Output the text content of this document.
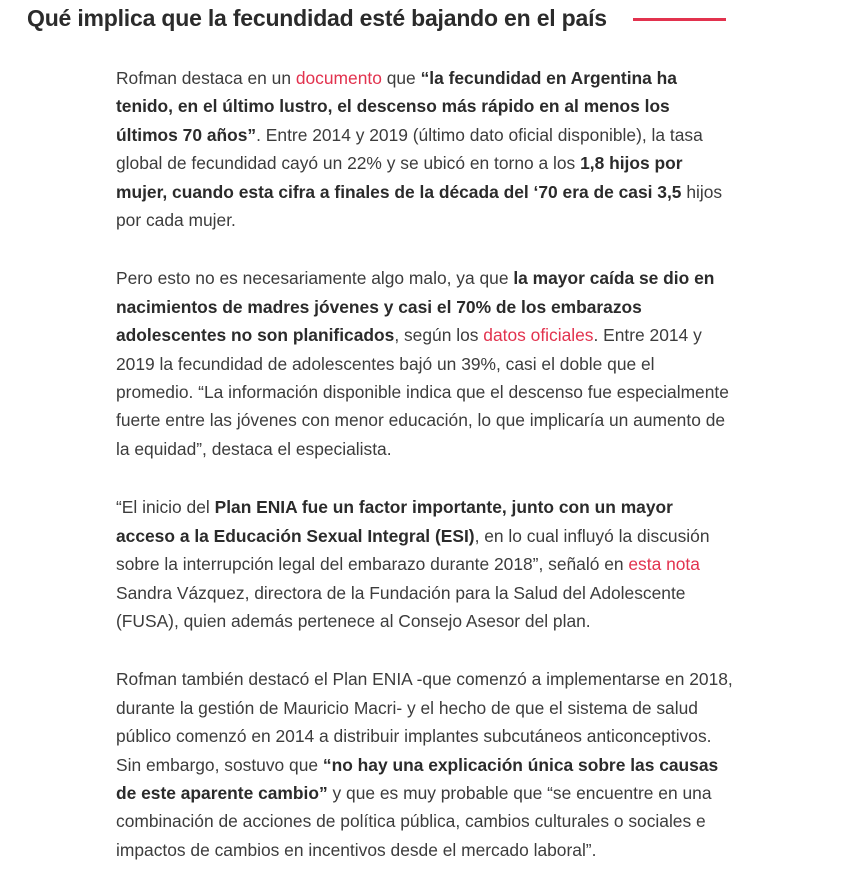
Qué implica que la fecundidad esté bajando en el país

Rofman destaca en un documento que “la fecundidad en Argentina ha tenido, en el último lustro, el descenso más rápido en al menos los últimos 70 años”. Entre 2014 y 2019 (último dato oficial disponible), la tasa global de fecundidad cayó un 22% y se ubicó en torno a los 1,8 hijos por mujer, cuando esta cifra a finales de la década del ‘70 era de casi 3,5 hijos por cada mujer.

Pero esto no es necesariamente algo malo, ya que la mayor caída se dio en nacimientos de madres jóvenes y casi el 70% de los embarazos adolescentes no son planificados, según los datos oficiales. Entre 2014 y 2019 la fecundidad de adolescentes bajó un 39%, casi el doble que el promedio. “La información disponible indica que el descenso fue especialmente fuerte entre las jóvenes con menor educación, lo que implicaría un aumento de la equidad”, destaca el especialista.

“El inicio del Plan ENIA fue un factor importante, junto con un mayor acceso a la Educación Sexual Integral (ESI), en lo cual influyó la discusión sobre la interrupción legal del embarazo durante 2018”, señaló en esta nota Sandra Vázquez, directora de la Fundación para la Salud del Adolescente (FUSA), quien además pertenece al Consejo Asesor del plan.

Rofman también destacó el Plan ENIA -que comenzó a implementarse en 2018, durante la gestión de Mauricio Macri- y el hecho de que el sistema de salud público comenzó en 2014 a distribuir implantes subcutáneos anticonceptivos. Sin embargo, sostuvo que “no hay una explicación única sobre las causas de este aparente cambio” y que es muy probable que “se encuentre en una combinación de acciones de política pública, cambios culturales o sociales e impactos de cambios en incentivos desde el mercado laboral”.
